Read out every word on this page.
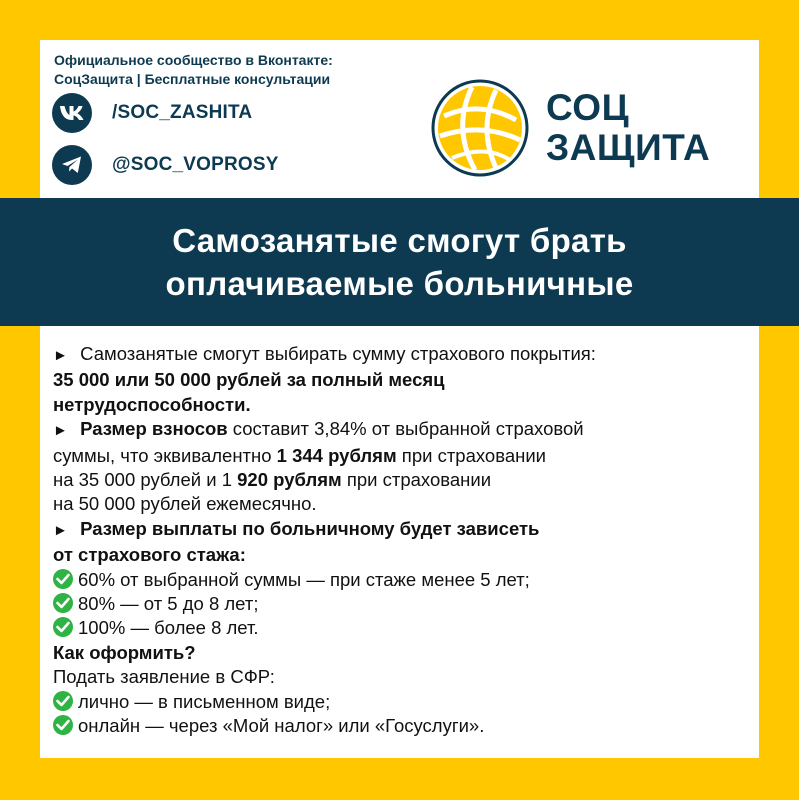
Официальное сообщество в Вконтакте:
СоцЗащита | Бесплатные консультации
/SOC_ZASHITA
@SOC_VOPROSY
СОЦ
ЗАЩИТА
Самозанятые смогут брать
оплачиваемые больничные
► Самозанятые смогут выбирать сумму страхового покрытия:
35 000 или 50 000 рублей за полный месяц
нетрудоспособности.
► Размер взносов составит 3,84% от выбранной страховой
суммы, что эквивалентно 1 344 рублям при страховании
на 35 000 рублей и 1 920 рублям при страховании
на 50 000 рублей ежемесячно.
► Размер выплаты по больничному будет зависеть
от страхового стажа:
60% от выбранной суммы — при стаже менее 5 лет;
80% — от 5 до 8 лет;
100% — более 8 лет.
Как оформить?
Подать заявление в СФР:
лично — в письменном виде;
онлайн — через «Мой налог» или «Госуслуги».
